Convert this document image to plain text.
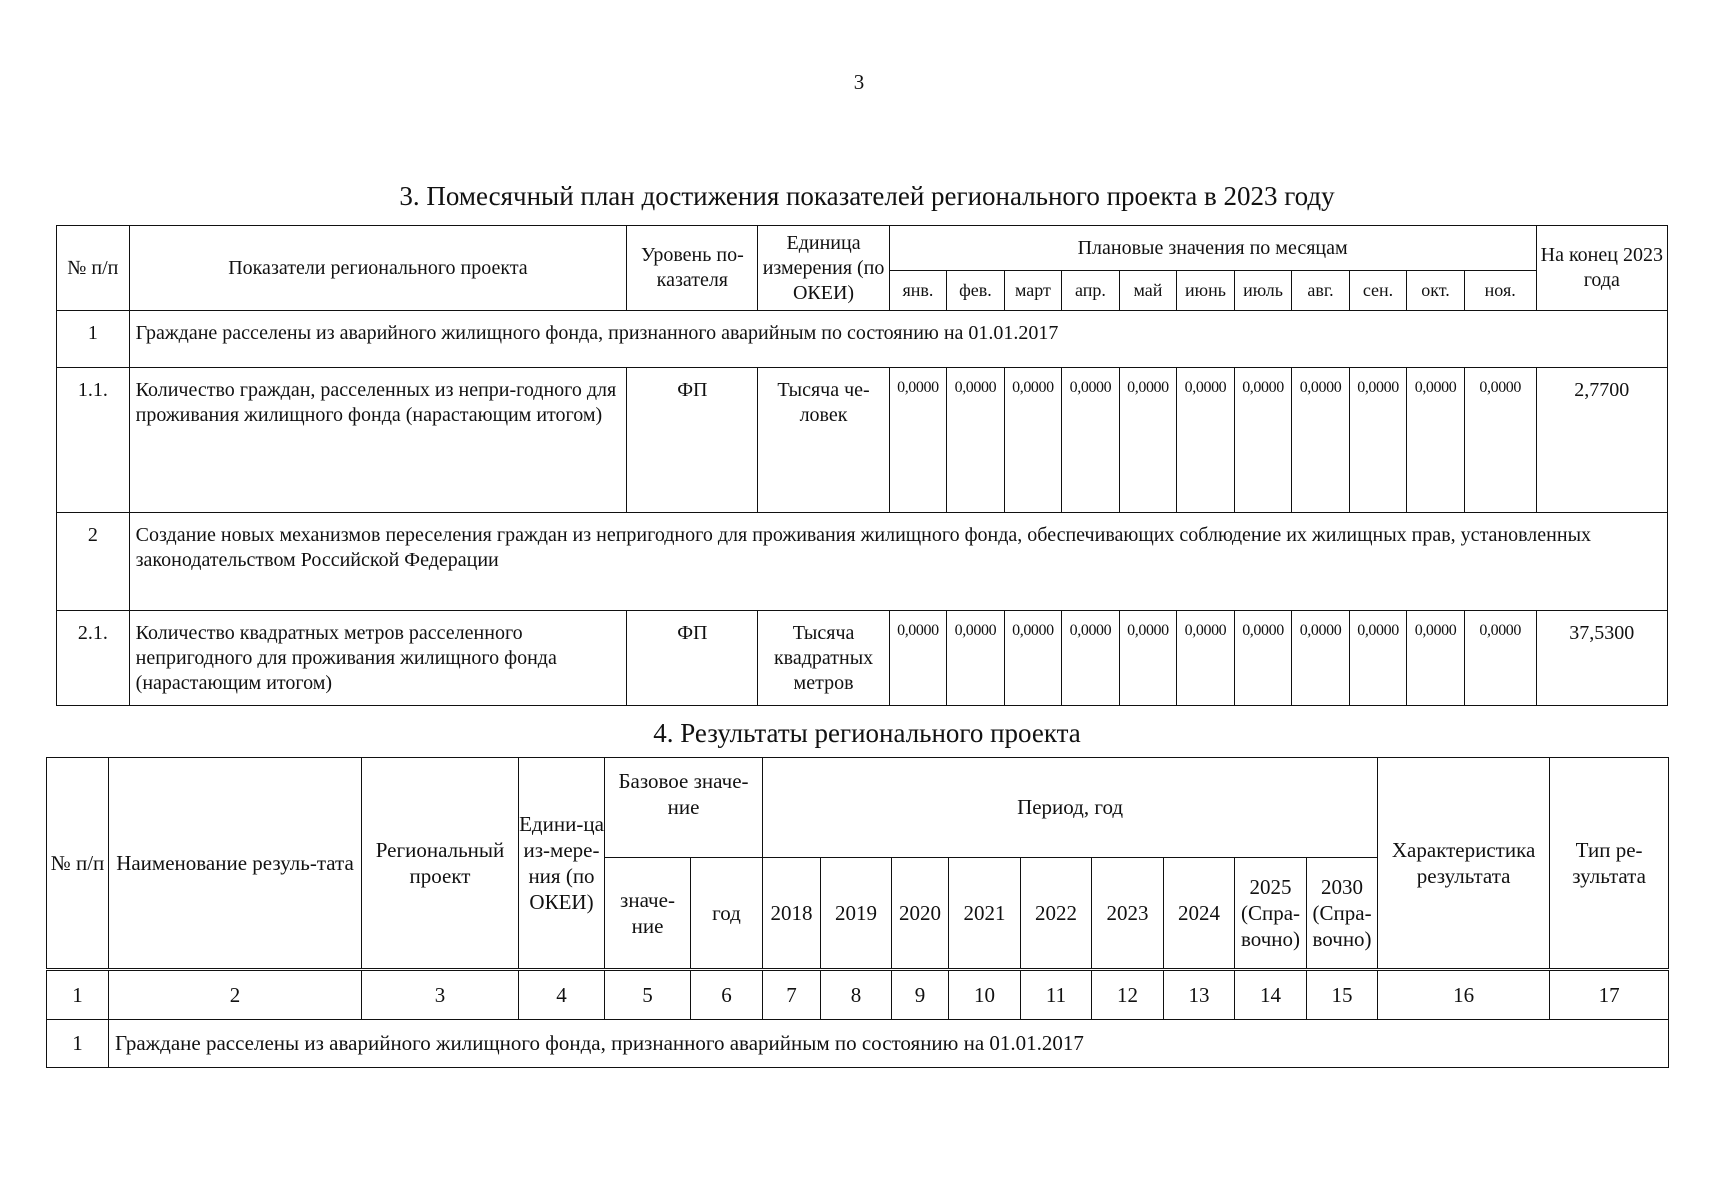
3
3. Помесячный план достижения показателей регионального проекта в 2023 году
№ п/п	Показатели регионального проекта	Уровень по-казателя	Единица измерения (по ОКЕИ)	Плановые значения по месяцам											На конец 2023 года
				янв.	фев.	март	апр.	май	июнь	июль	авг.	сен.	окт.	ноя.	
1	Граждане расселены из аварийного жилищного фонда, признанного аварийным по состоянию на 01.01.2017														
1.1.	Количество граждан, расселенных из непри-годного для проживания жилищного фонда (нарастающим итогом)	ФП	Тысяча че-ловек	0,0000	0,0000	0,0000	0,0000	0,0000	0,0000	0,0000	0,0000	0,0000	0,0000	0,0000	2,7700
2	Создание новых механизмов переселения граждан из непригодного для проживания жилищного фонда, обеспечивающих соблюдение их жилищных прав, установленных законодательством Российской Федерации														
2.1.	Количество квадратных метров расселенного непригодного для проживания жилищного фонда (нарастающим итогом)	ФП	Тысяча квадратных метров	0,0000	0,0000	0,0000	0,0000	0,0000	0,0000	0,0000	0,0000	0,0000	0,0000	0,0000	37,5300
4. Результаты регионального проекта
№ п/п	Наименование резуль-тата	Региональный проект	Едини-ца из-мере-ния (по ОКЕИ)	Базовое значе-ние		Период, год									Характеристика результата	Тип ре-зультата
				значе-ние	год	2018	2019	2020	2021	2022	2023	2024	2025 (Спра-вочно)	2030 (Спра-вочно)		
1	2	3	4	5	6	7	8	9	10	11	12	13	14	15	16	17
1	Граждане расселены из аварийного жилищного фонда, признанного аварийным по состоянию на 01.01.2017															
